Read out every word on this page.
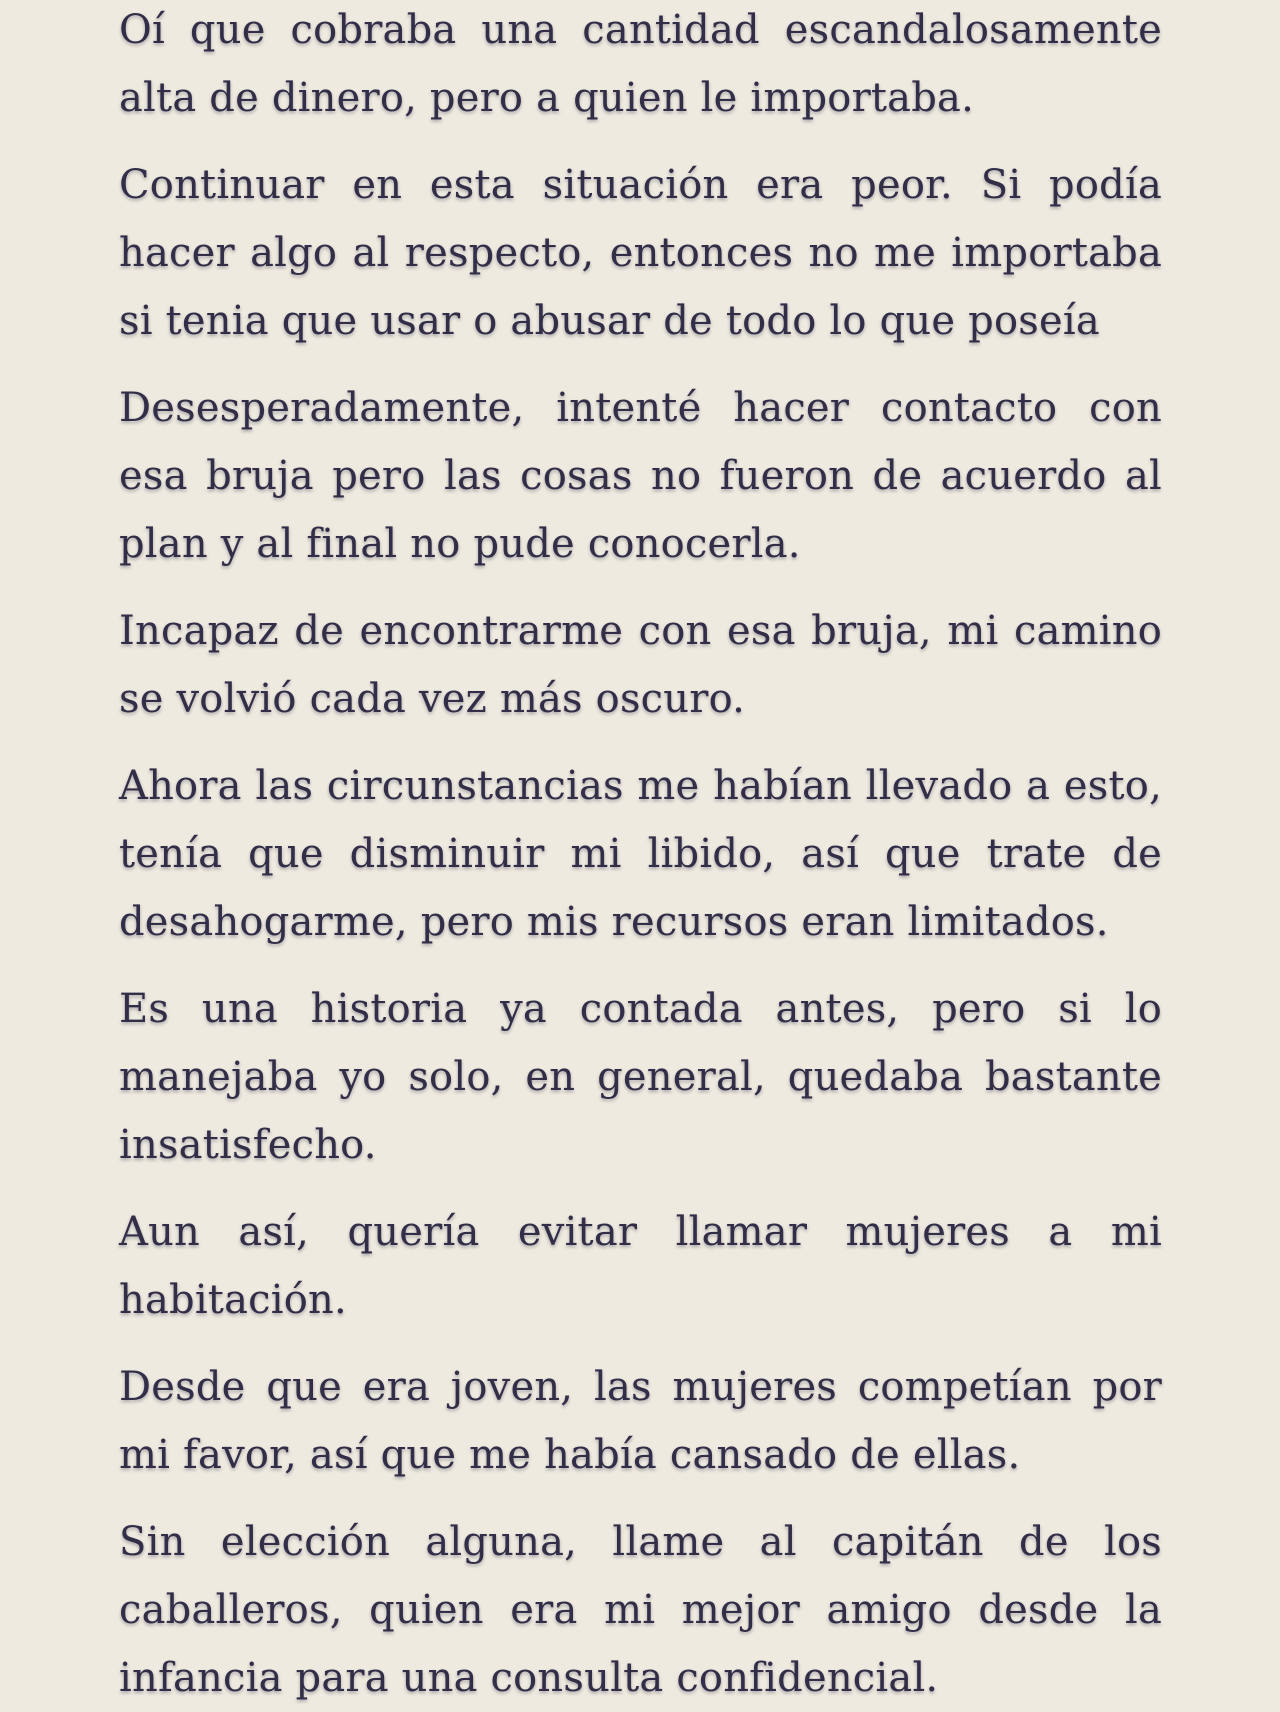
Oí que cobraba una cantidad escandalosamente alta de dinero, pero a quien le importaba.

Continuar en esta situación era peor. Si podía hacer algo al respecto, entonces no me importaba si tenia que usar o abusar de todo lo que poseía

Desesperadamente, intenté hacer contacto con esa bruja pero las cosas no fueron de acuerdo al plan y al final no pude conocerla.

Incapaz de encontrarme con esa bruja, mi camino se volvió cada vez más oscuro.

Ahora las circunstancias me habían llevado a esto, tenía que disminuir mi libido, así que trate de desahogarme, pero mis recursos eran limitados.

Es una historia ya contada antes, pero si lo manejaba yo solo, en general, quedaba bastante insatisfecho.

Aun así, quería evitar llamar mujeres a mi habitación.

Desde que era joven, las mujeres competían por mi favor, así que me había cansado de ellas.

Sin elección alguna, llame al capitán de los caballeros, quien era mi mejor amigo desde la infancia para una consulta confidencial.
